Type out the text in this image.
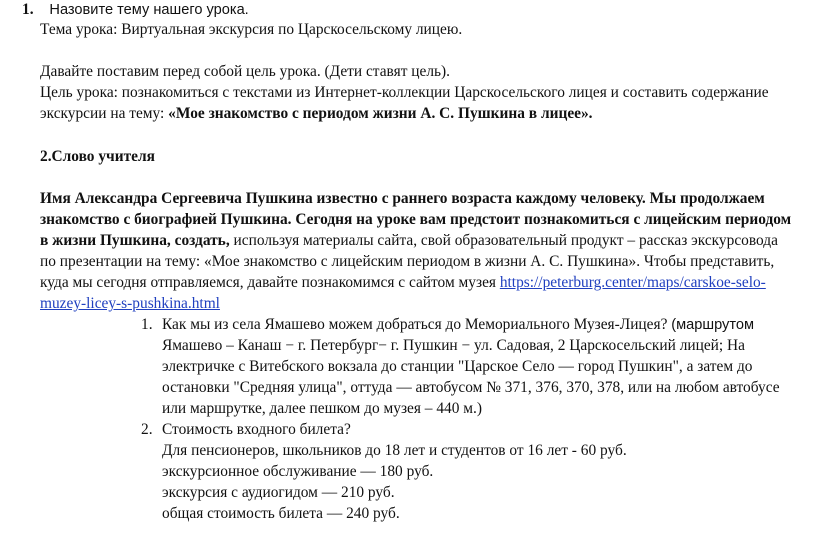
1. Назовите тему нашего урока.
Тема урока: Виртуальная экскурсия по Царскосельскому лицею.
Давайте поставим перед собой цель урока. (Дети ставят цель).
Цель урока: познакомиться с текстами из Интернет-коллекции Царскосельского лицея и составить содержание
экскурсии на тему: «Мое знакомство с периодом жизни А. С. Пушкина в лицее».
2.Слово учителя
Имя Александра Сергеевича Пушкина известно с раннего возраста каждому человеку. Мы продолжаем
знакомство с биографией Пушкина. Сегодня на уроке вам предстоит познакомиться с лицейским периодом
в жизни Пушкина, создать, используя материалы сайта, свой образовательный продукт – рассказ экскурсовода
по презентации на тему: «Мое знакомство с лицейским периодом в жизни А. С. Пушкина». Чтобы представить,
куда мы сегодня отправляемся, давайте познакомимся с сайтом музея https://peterburg.center/maps/carskoe-selo-
muzey-licey-s-pushkina.html
1. Как мы из села Ямашево можем добраться до Мемориального Музея-Лицея? (маршрутом
Ямашево – Канаш − г. Петербург− г. Пушкин − ул. Садовая, 2 Царскосельский лицей; На
электричке с Витебского вокзала до станции "Царское Село — город Пушкин", а затем до
остановки "Средняя улица", оттуда — автобусом № 371, 376, 370, 378, или на любом автобусе
или маршрутке, далее пешком до музея – 440 м.)
2. Стоимость входного билета?
Для пенсионеров, школьников до 18 лет и студентов от 16 лет - 60 руб.
экскурсионное обслуживание — 180 руб.
экскурсия с аудиогидом — 210 руб.
общая стоимость билета — 240 руб.
